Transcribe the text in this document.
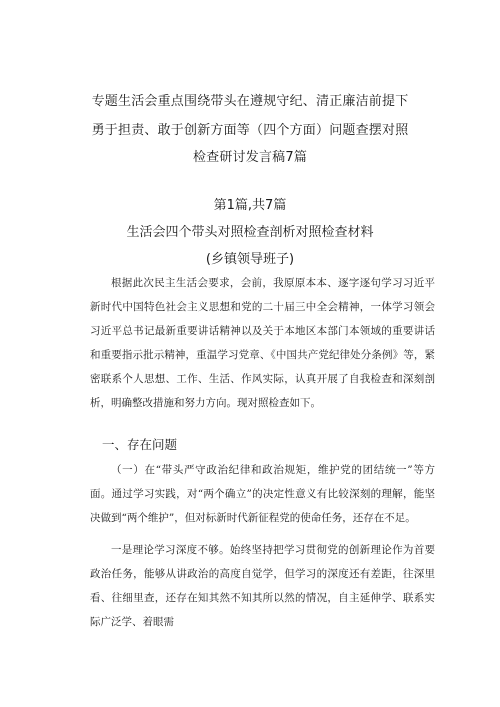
专题生活会重点围绕带头在遵规守纪、清正廉洁前提下
勇于担责、敢于创新方面等（四个方面）问题查摆对照
检查研讨发言稿7篇
第1篇,共7篇
生活会四个带头对照检查剖析对照检查材料
(乡镇领导班子)
根据此次民主生活会要求，会前，我原原本本、逐字逐句学习习近平新时代中国特色社会主义思想和党的二十届三中全会精神，一体学习领会习近平总书记最新重要讲话精神以及关于本地区本部门本领域的重要讲话和重要指示批示精神，重温学习党章、《中国共产党纪律处分条例》等，紧密联系个人思想、工作、生活、作风实际，认真开展了自我检查和深刻剖析，明确整改措施和努力方向。现对照检查如下。
一、存在问题
（一）在“带头严守政治纪律和政治规矩，维护党的团结统一”等方面。通过学习实践，对“两个确立”的决定性意义有比较深刻的理解，能坚决做到“两个维护”，但对标新时代新征程党的使命任务，还存在不足。
一是理论学习深度不够。始终坚持把学习贯彻党的创新理论作为首要政治任务，能够从讲政治的高度自觉学，但学习的深度还有差距，往深里看、往细里查，还存在知其然不知其所以然的情况，自主延伸学、联系实际广泛学、着眼需
